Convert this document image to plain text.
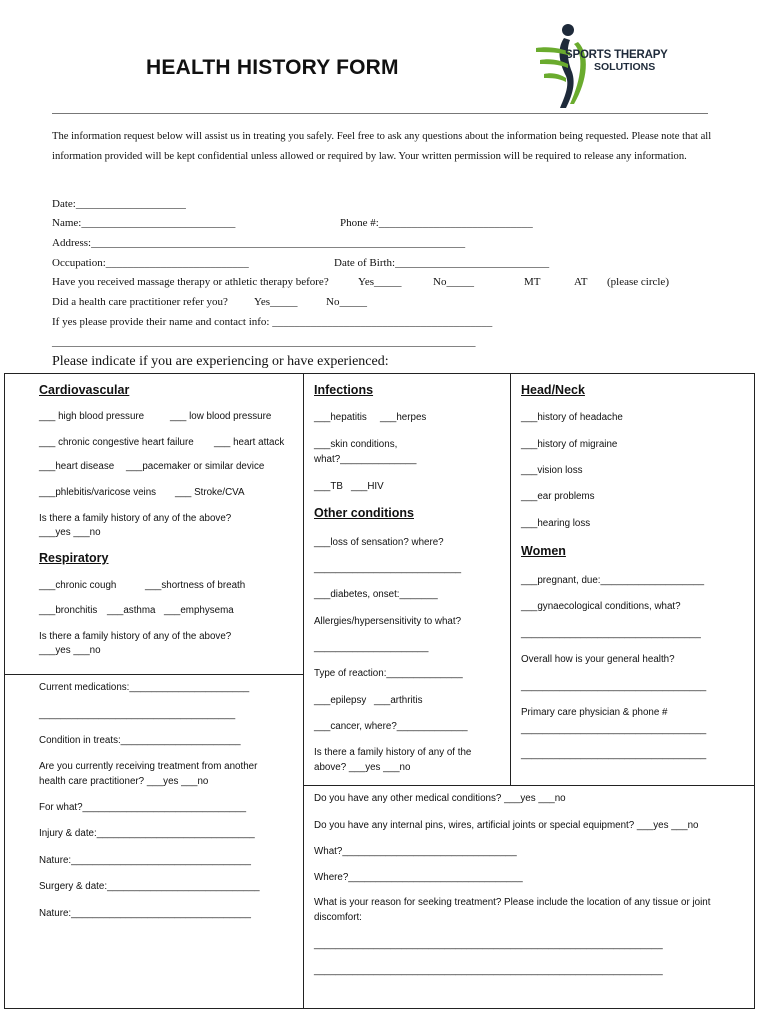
HEALTH HISTORY FORM
SPORTS THERAPY
SOLUTIONS
The information request below will assist us in treating you safely. Feel free to ask any questions about the information being requested. Please note that all information provided will be kept confidential unless allowed or required by law. Your written permission will be required to release any information.
Date:____________________
Name:____________________________	Phone #:____________________________
Address:____________________________________________________________________
Occupation:__________________________	Date of Birth:____________________________
Have you received massage therapy or athletic therapy before?	Yes_____	No_____	MT	AT (please circle)
Did a health care practitioner refer you? Yes_____	No_____
If yes please provide their name and contact info: ________________________________________
_____________________________________________________________________________
Please indicate if you are experiencing or have experienced:
Cardiovascular
___ high blood pressure	___ low blood pressure
___ chronic congestive heart failure ___ heart attack
___heart disease ___pacemaker or similar device
___phlebitis/varicose veins ___ Stroke/CVA
Is there a family history of any of the above?
___yes ___no
Respiratory
___chronic cough	___shortness of breath
___bronchitis ___asthma ___emphysema
Is there a family history of any of the above?
___yes ___no
Current medications:______________________
____________________________________
Condition in treats:______________________
Are you currently receiving treatment from another
health care practitioner? ___yes ___no
For what?______________________________
Injury & date:_____________________________
Nature:_________________________________
Surgery & date:____________________________
Nature:_________________________________
Infections
___hepatitis ___herpes
___skin conditions,
what?______________
___TB ___HIV
Other conditions
___loss of sensation? where?
___________________________
___diabetes, onset:_______
Allergies/hypersensitivity to what?
_____________________
Type of reaction:______________
___epilepsy ___arthritis
___cancer, where?_____________
Is there a family history of any of the
above? ___yes ___no
Head/Neck
___history of headache
___history of migraine
___vision loss
___ear problems
___hearing loss
Women
___pregnant, due:___________________
___gynaecological conditions, what?
_________________________________
Overall how is your general health?
__________________________________
Primary care physician & phone #
__________________________________
__________________________________
Do you have any other medical conditions? ___yes ___no
Do you have any internal pins, wires, artificial joints or special equipment? ___yes ___no
What?________________________________
Where?________________________________
What is your reason for seeking treatment? Please include the location of any tissue or joint
discomfort:
________________________________________________________________
________________________________________________________________
